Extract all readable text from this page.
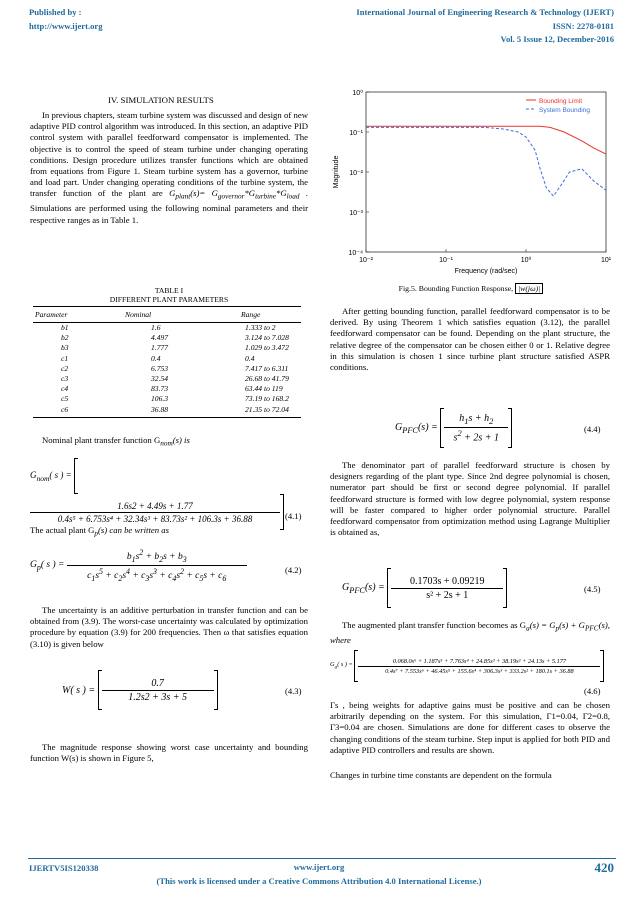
Published by :
http://www.ijert.org
International Journal of Engineering Research & Technology (IJERT)
ISSN: 2278-0181
Vol. 5 Issue 12, December-2016
IV. SIMULATION RESULTS
In previous chapters, steam turbine system was discussed and design of new adaptive PID control algorithm was introduced. In this section, an adaptive PID control system with parallel feedforward compensator is implemented. The objective is to control the speed of steam turbine under changing operating conditions. Design procedure utilizes transfer functions which are obtained from equations from Figure 1. Steam turbine system has a governor, turbine and load part. Under changing operating conditions of the turbine system, the transfer function of the plant are $G_{plant}(s)= G_{governor}*G_{turbine}*G_{load}$ . Simulations are performed using the following nominal parameters and their respective ranges as in Table 1.
TABLE I
DIFFERENT PLANT PARAMETERS
Parameter	Nominal	Range
b1	1.6	1.333 to 2
b2	4.497	3.124 to 7.028
b3	1.777	1.029 to 3.472
c1	0.4	0.4
c2	6.753	7.417 to 6.311
c3	32.54	26.68 to 41.79
c4	83.73	63.44 to 119
c5	106.3	73.19 to 168.2
c6	36.88	21.35 to 72.04
Nominal plant transfer function $G_{nom}(s)$ is
$G_{nom}$( s ) =
$\frac{1.6s2 + 4.49s + 1.77}{\text{0.4s⁵ + 6.753s⁴ + 32.34s³ + 83.73s² + 106.3s + 36.88}} (4.1)$
The actual plant $G_p(s)$ can be written as
$G_p$( s ) = $\frac{b_1s^2 + b_2s + b_3}{c_1s^5 + c_2s^4 + c_3s^3 + c_4s^2 + c_5s + c_6}$	(4.2)
The uncertainty is an additive perturbation in transfer function and can be obtained from (3.9). The worst-case uncertainty was calculated by optimization procedure by equation (3.9) for 200 frequencies. Then ω that satisfies equation (3.10) is given below
W( s ) = $\frac{0.7}{1.2s2 + 3s + 5}$	(4.3)
The magnitude response showing worst case uncertainty and bounding function W(s) is shown in Figure 5,
10⁰
10⁻¹
10⁻²
10⁻³
10⁻⁴
10⁻²	10⁻¹	10⁰	10¹
Frequency (rad/sec)
Magnitude
Bounding Limit
System Bounding
Fig.5. Bounding Function Response, |w(jω)|
After getting bounding function, parallel feedforward compensator is to be derived. By using Theorem 1 which satisfies equation (3.12), the parallel feedforward compensator can be found. Depending on the plant structure, the relative degree of the compensator can be chosen either 0 or 1. Relative degree in this simulation is chosen 1 since turbine plant structure satisfied ASPR conditions.
$G_{PFC}(s) = \frac{h_1s + h_2}{s^2 + 2s + 1}$	(4.4)
The denominator part of parallel feedforward structure is chosen by designers regarding of the plant type. Since 2nd degree polynomial is chosen, numerator part should be first or second degree polynomial. If parallel feedforward structure is formed with low degree polynomial, system response will be faster compared to higher order polynomial structure. Parallel feedforward compensator from optimization method using Lagrange Multiplier is obtained as,
$G_{PFC}(s) = \frac{0.1703s + 0.09219}{\text{s² + 2s + 1}}$	(4.5)
The augmented plant transfer function becomes as $G_a(s) = G_p(s) + G_{PFC}(s)$, where
$G_a$( s ) =
0.068.0s⁶ + 1.187s⁵ + 7.763s⁴ + 24.85s³ + 38.19s² + 24.13s + 5.177
0.4s⁷ + 7.553s⁶ + 46.45s⁵ + 155.6s⁴ + 306.3s³ + 333.2s² + 180.1s + 36.88
(4.6)
Γs , being weights for adaptive gains must be positive and can be chosen arbitrarily depending on the system. For this simulation, Γ1=0.04, Γ2=0.8, Γ3=0.04 are chosen. Simulations are done for different cases to observe the changing conditions of the steam turbine. Step input is applied for both PID and adaptive PID controllers and results are shown.
Changes in turbine time constants are dependent on the formula
IJERTV5IS120338	www.ijert.org	420
(This work is licensed under a Creative Commons Attribution 4.0 International License.)
